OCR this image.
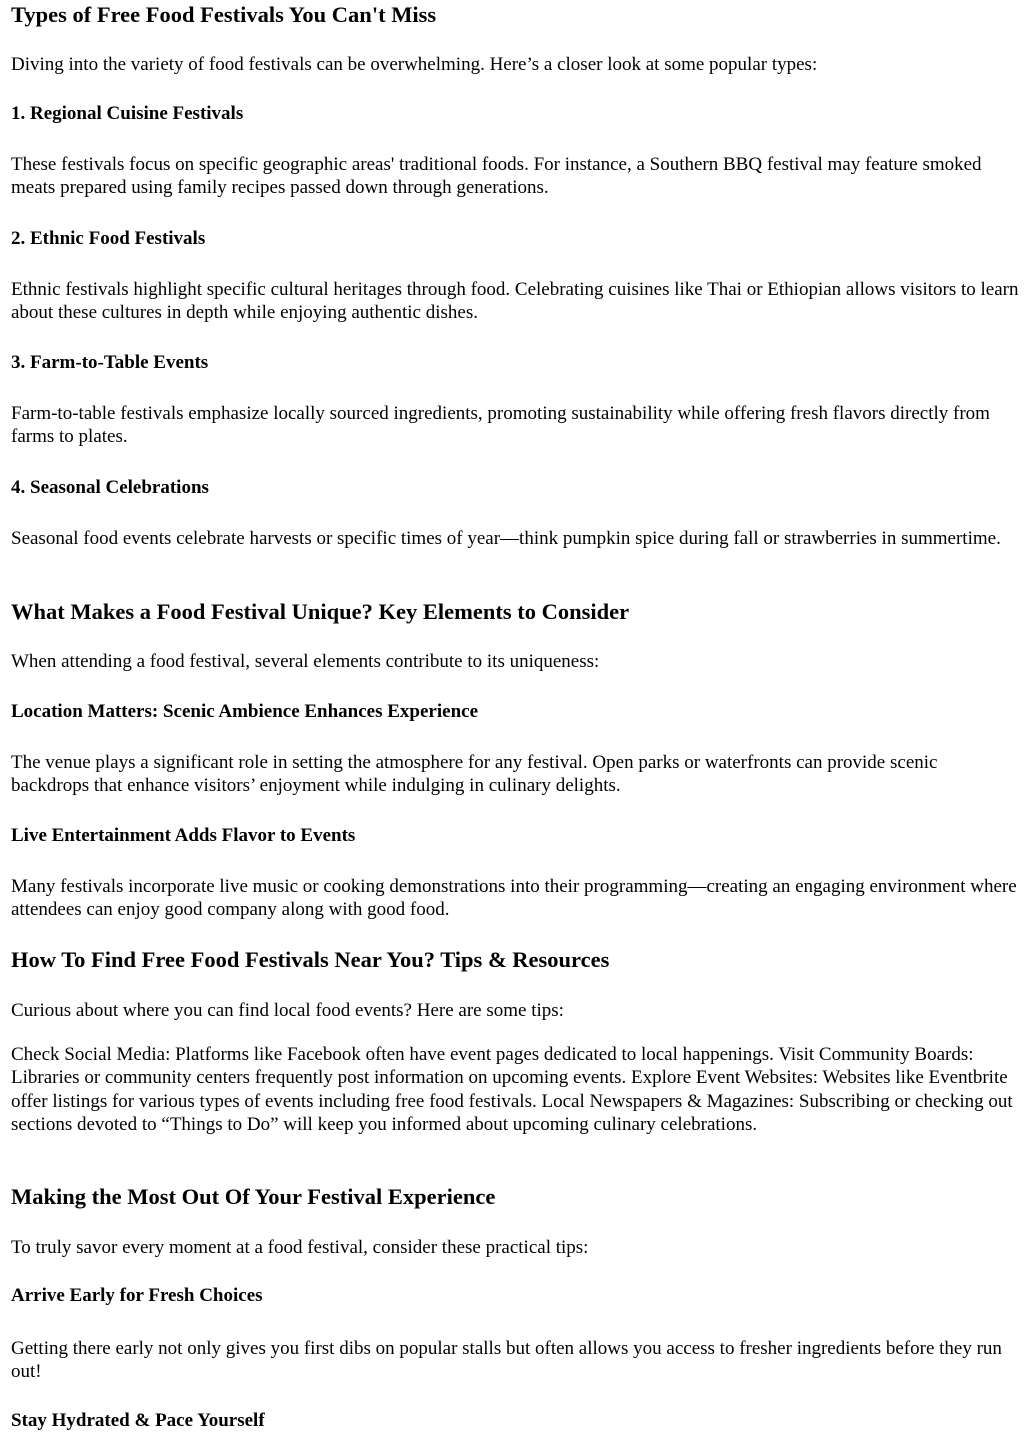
Types of Free Food Festivals You Can't Miss

Diving into the variety of food festivals can be overwhelming. Here’s a closer look at some popular types:

1. Regional Cuisine Festivals

These festivals focus on specific geographic areas' traditional foods. For instance, a Southern BBQ festival may feature smoked meats prepared using family recipes passed down through generations.

2. Ethnic Food Festivals

Ethnic festivals highlight specific cultural heritages through food. Celebrating cuisines like Thai or Ethiopian allows visitors to learn about these cultures in depth while enjoying authentic dishes.

3. Farm-to-Table Events

Farm-to-table festivals emphasize locally sourced ingredients, promoting sustainability while offering fresh flavors directly from farms to plates.

4. Seasonal Celebrations

Seasonal food events celebrate harvests or specific times of year—think pumpkin spice during fall or strawberries in summertime.

What Makes a Food Festival Unique? Key Elements to Consider

When attending a food festival, several elements contribute to its uniqueness:

Location Matters: Scenic Ambience Enhances Experience

The venue plays a significant role in setting the atmosphere for any festival. Open parks or waterfronts can provide scenic backdrops that enhance visitors’ enjoyment while indulging in culinary delights.

Live Entertainment Adds Flavor to Events

Many festivals incorporate live music or cooking demonstrations into their programming—creating an engaging environment where attendees can enjoy good company along with good food.

How To Find Free Food Festivals Near You? Tips & Resources

Curious about where you can find local food events? Here are some tips:

Check Social Media: Platforms like Facebook often have event pages dedicated to local happenings. Visit Community Boards: Libraries or community centers frequently post information on upcoming events. Explore Event Websites: Websites like Eventbrite offer listings for various types of events including free food festivals. Local Newspapers & Magazines: Subscribing or checking out sections devoted to “Things to Do” will keep you informed about upcoming culinary celebrations.

Making the Most Out Of Your Festival Experience

To truly savor every moment at a food festival, consider these practical tips:

Arrive Early for Fresh Choices

Getting there early not only gives you first dibs on popular stalls but often allows you access to fresher ingredients before they run out!

Stay Hydrated & Pace Yourself
